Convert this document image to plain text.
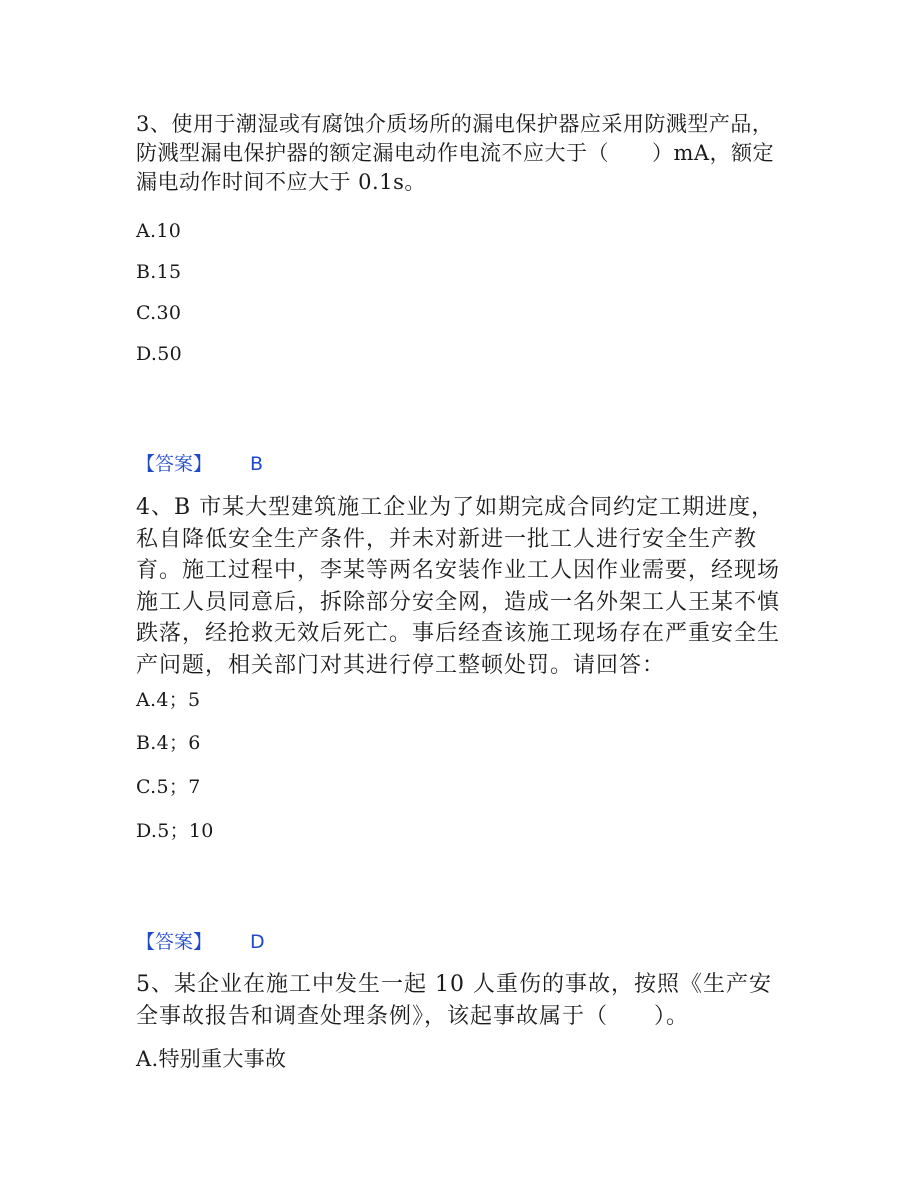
3、使用于潮湿或有腐蚀介质场所的漏电保护器应采用防溅型产品，防溅型漏电保护器的额定漏电动作电流不应大于（　　）mA，额定漏电动作时间不应大于 0.1s。

A.10
B.15
C.30
D.50
【答案】 B

4、B 市某大型建筑施工企业为了如期完成合同约定工期进度，私自降低安全生产条件，并未对新进一批工人进行安全生产教育。施工过程中，李某等两名安装作业工人因作业需要，经现场施工人员同意后，拆除部分安全网，造成一名外架工人王某不慎跌落，经抢救无效后死亡。事后经查该施工现场存在严重安全生产问题，相关部门对其进行停工整顿处罚。请回答：

A.4；5
B.4；6
C.5；7
D.5；10
【答案】 D

5、某企业在施工中发生一起 10 人重伤的事故，按照《生产安全事故报告和调查处理条例》，该起事故属于（　　）。

A.特别重大事故
